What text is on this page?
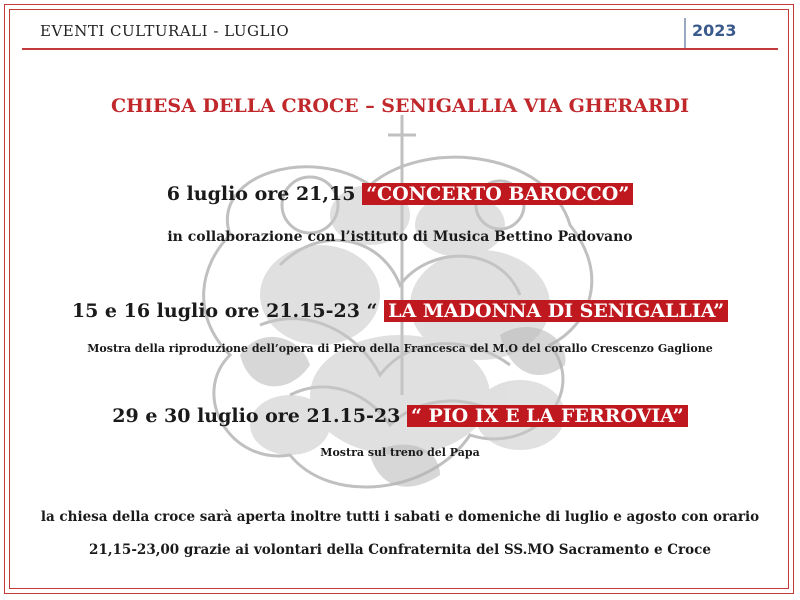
EVENTI CULTURALI - LUGLIO	2023
CHIESA DELLA CROCE – SENIGALLIA VIA GHERARDI
6 luglio ore 21,15 “CONCERTO BAROCCO”
in collaborazione con l’istituto di Musica Bettino Padovano
15 e 16 luglio ore 21.15-23 “ LA MADONNA DI SENIGALLIA”
Mostra della riproduzione dell’opera di Piero della Francesca del M.O del corallo Crescenzo Gaglione
29 e 30 luglio ore 21.15-23 “ PIO IX E LA FERROVIA”
Mostra sul treno del Papa
la chiesa della croce sarà aperta inoltre tutti i sabati e domeniche di luglio e agosto con orario
21,15-23,00 grazie ai volontari della Confraternita del SS.MO Sacramento e Croce
